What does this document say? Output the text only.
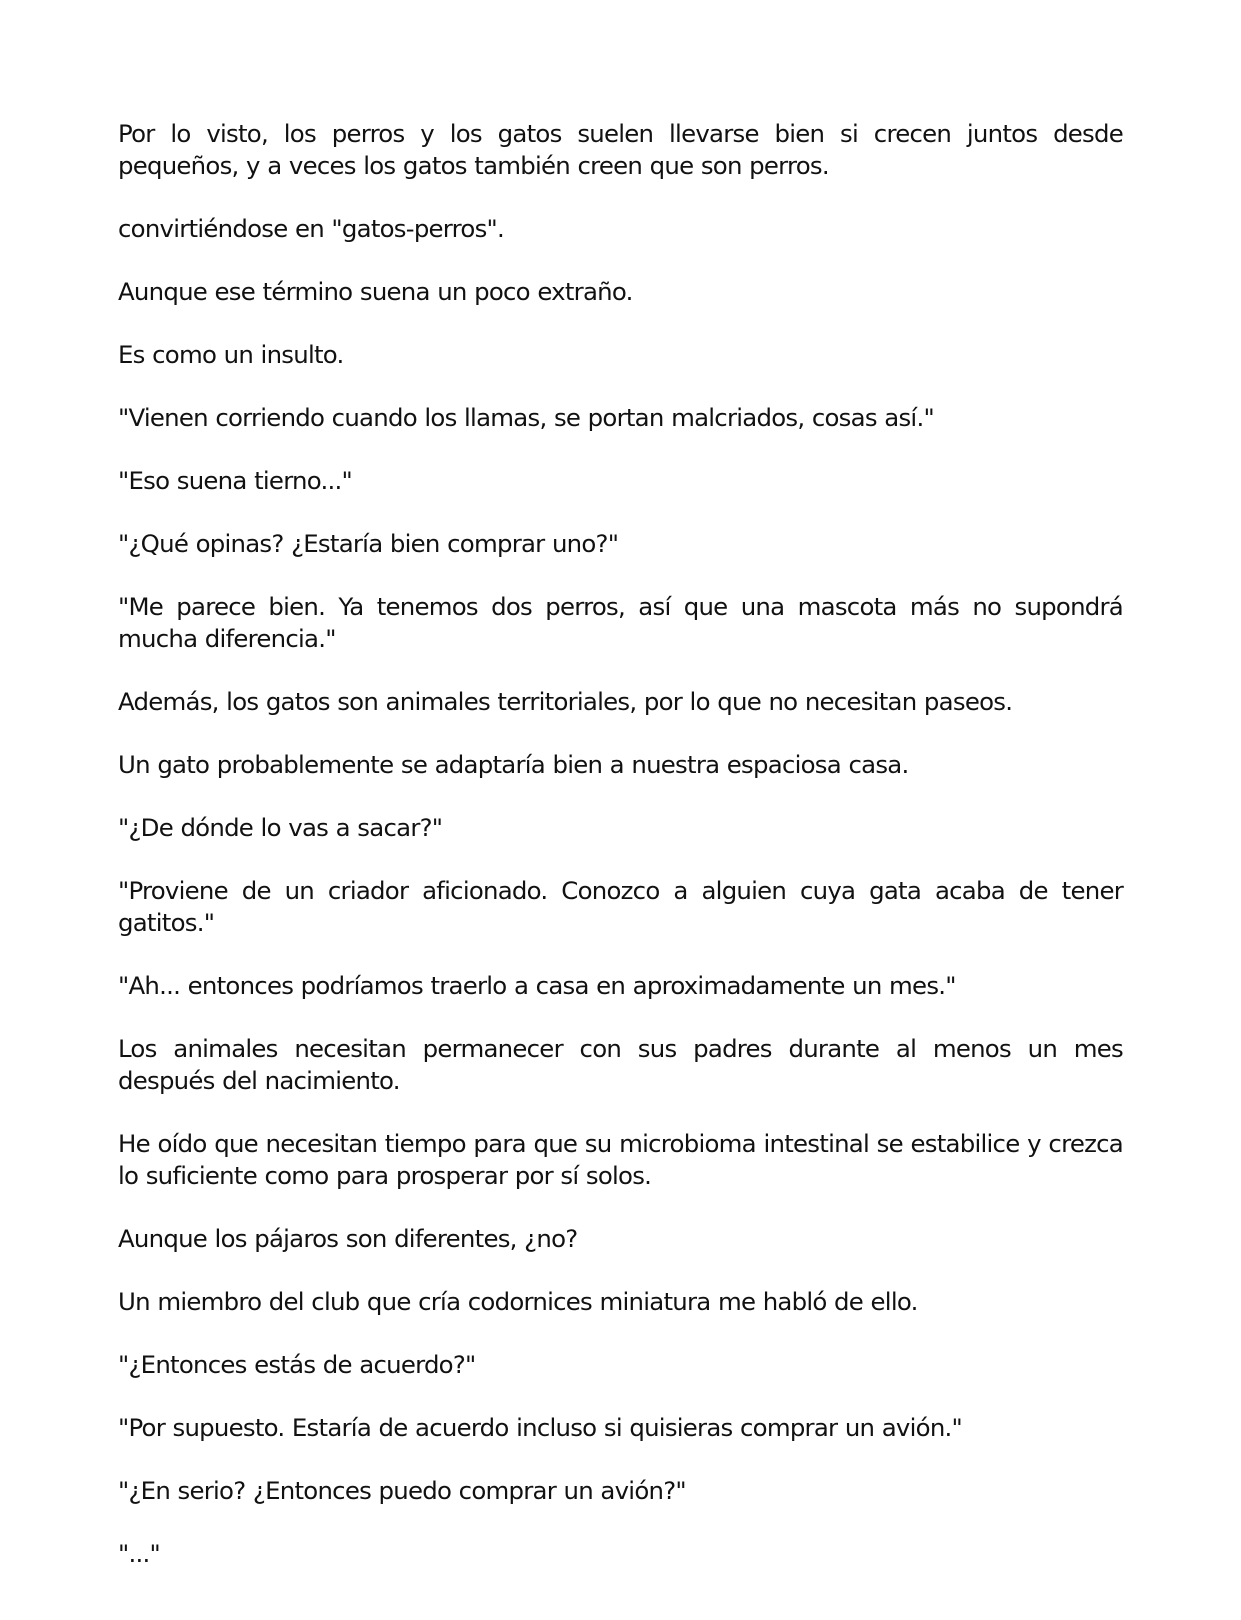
Por lo visto, los perros y los gatos suelen llevarse bien si crecen juntos desde pequeños, y a veces los gatos también creen que son perros.

convirtiéndose en "gatos-perros".

Aunque ese término suena un poco extraño.

Es como un insulto.

"Vienen corriendo cuando los llamas, se portan malcriados, cosas así."

"Eso suena tierno..."

"¿Qué opinas? ¿Estaría bien comprar uno?"

"Me parece bien. Ya tenemos dos perros, así que una mascota más no supondrá mucha diferencia."

Además, los gatos son animales territoriales, por lo que no necesitan paseos.

Un gato probablemente se adaptaría bien a nuestra espaciosa casa.

"¿De dónde lo vas a sacar?"

"Proviene de un criador aficionado. Conozco a alguien cuya gata acaba de tener gatitos."

"Ah... entonces podríamos traerlo a casa en aproximadamente un mes."

Los animales necesitan permanecer con sus padres durante al menos un mes después del nacimiento.

He oído que necesitan tiempo para que su microbioma intestinal se estabilice y crezca lo suficiente como para prosperar por sí solos.

Aunque los pájaros son diferentes, ¿no?

Un miembro del club que cría codornices miniatura me habló de ello.

"¿Entonces estás de acuerdo?"

"Por supuesto. Estaría de acuerdo incluso si quisieras comprar un avión."

"¿En serio? ¿Entonces puedo comprar un avión?"

"..."
